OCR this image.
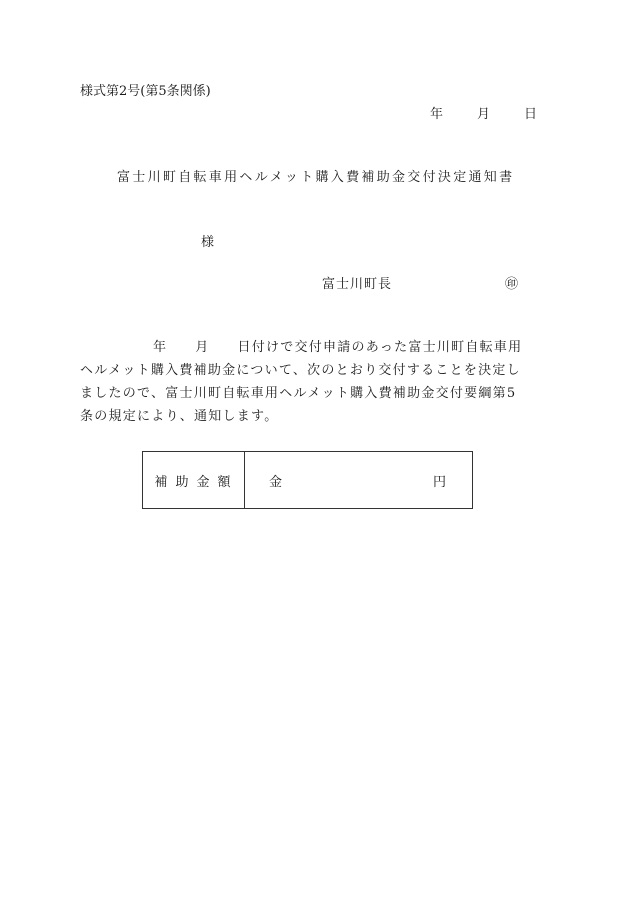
様式第2号(第5条関係)
年	月	日
富士川町自転車用ヘルメット購入費補助金交付決定通知書
様
富士川町長	㊞
年 月 日付けで交付申請のあった富士川町自転車用
ヘルメット購入費補助金について、次のとおり交付することを決定し
ましたので、富士川町自転車用ヘルメット購入費補助金交付要綱第5
条の規定により、通知します。
補助金額	金	円
